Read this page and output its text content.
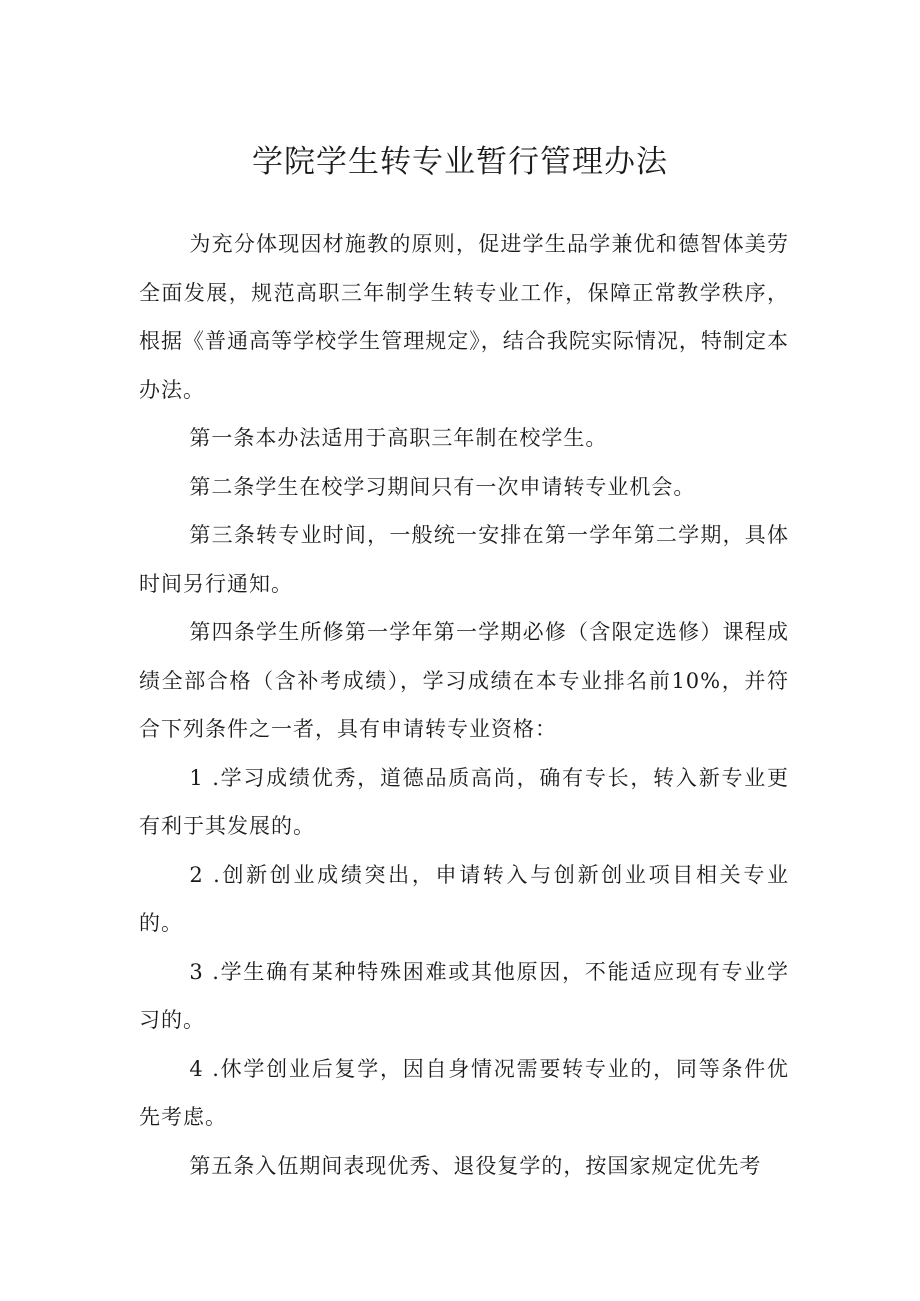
学院学生转专业暂行管理办法

为充分体现因材施教的原则，促进学生品学兼优和德智体美劳全面发展，规范高职三年制学生转专业工作，保障正常教学秩序，根据《普通高等学校学生管理规定》，结合我院实际情况，特制定本办法。

第一条本办法适用于高职三年制在校学生。

第二条学生在校学习期间只有一次申请转专业机会。

第三条转专业时间，一般统一安排在第一学年第二学期，具体时间另行通知。

第四条学生所修第一学年第一学期必修（含限定选修）课程成绩全部合格（含补考成绩），学习成绩在本专业排名前10%，并符合下列条件之一者，具有申请转专业资格：

1 .学习成绩优秀，道德品质高尚，确有专长，转入新专业更有利于其发展的。

2 .创新创业成绩突出，申请转入与创新创业项目相关专业的。

3 .学生确有某种特殊困难或其他原因，不能适应现有专业学习的。

4 .休学创业后复学，因自身情况需要转专业的，同等条件优先考虑。

第五条入伍期间表现优秀、退役复学的，按国家规定优先考
